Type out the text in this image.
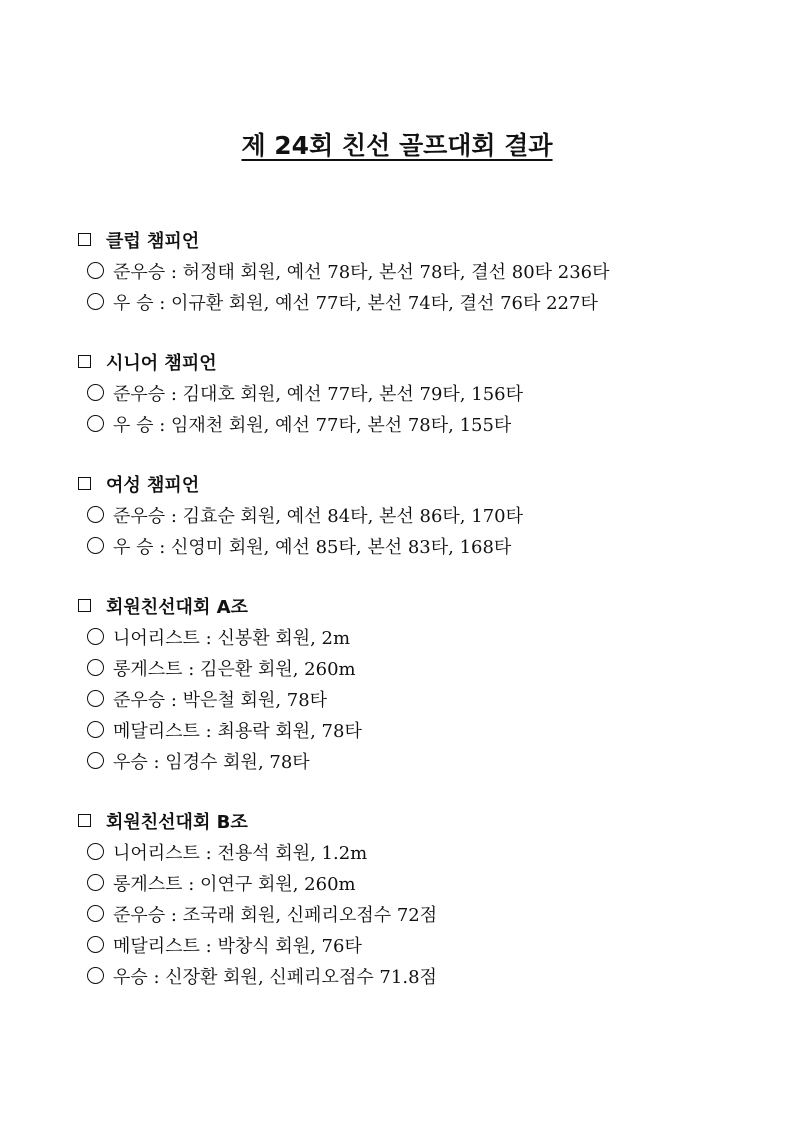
제 24회 친선 골프대회 결과
클럽 챔피언
준우승 : 허정태 회원, 예선 78타, 본선 78타, 결선 80타 236타
우 승 : 이규환 회원, 예선 77타, 본선 74타, 결선 76타 227타
시니어 챔피언
준우승 : 김대호 회원, 예선 77타, 본선 79타, 156타
우 승 : 임재천 회원, 예선 77타, 본선 78타, 155타
여성 챔피언
준우승 : 김효순 회원, 예선 84타, 본선 86타, 170타
우 승 : 신영미 회원, 예선 85타, 본선 83타, 168타
회원친선대회 A조
니어리스트 : 신봉환 회원, 2m
롱게스트 : 김은환 회원, 260m
준우승 : 박은철 회원, 78타
메달리스트 : 최용락 회원, 78타
우승 : 임경수 회원, 78타
회원친선대회 B조
니어리스트 : 전용석 회원, 1.2m
롱게스트 : 이연구 회원, 260m
준우승 : 조국래 회원, 신페리오점수 72점
메달리스트 : 박창식 회원, 76타
우승 : 신장환 회원, 신페리오점수 71.8점
